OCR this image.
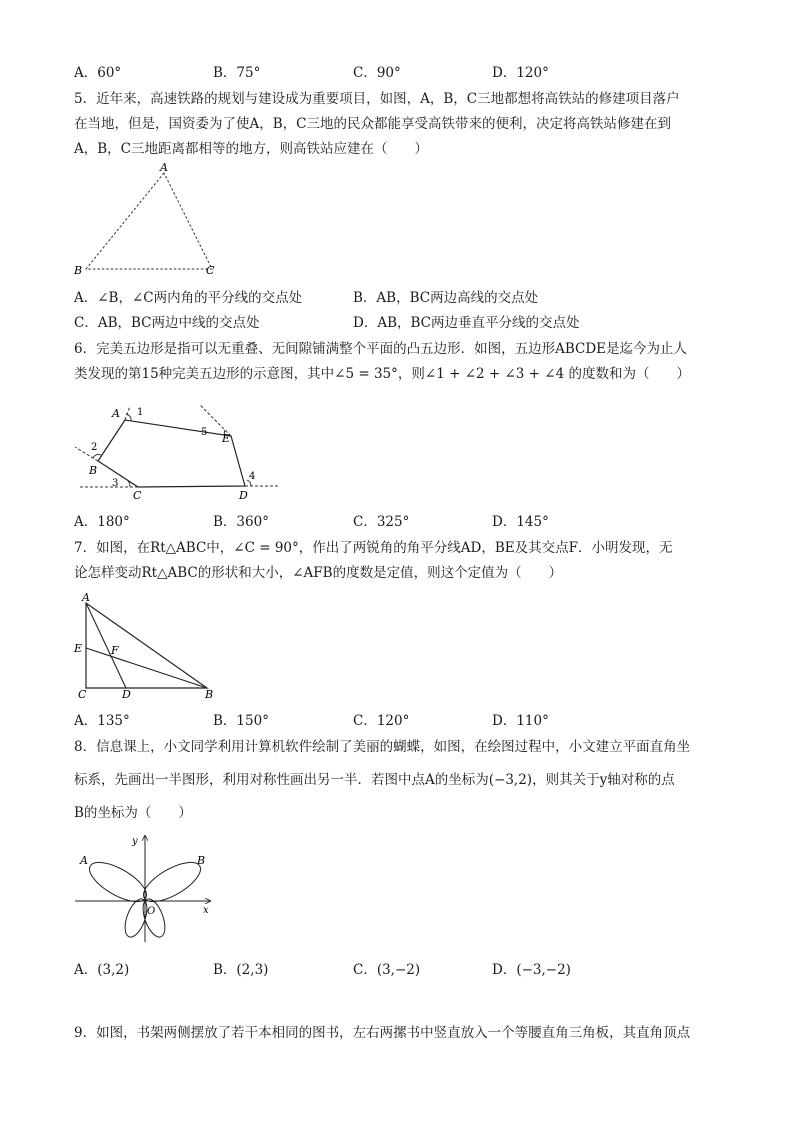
A．60°	B．75°	C．90°	D．120°
5．近年来，高速铁路的规划与建设成为重要项目，如图，A，B，C三地都想将高铁站的修建项目落户
在当地，但是，国资委为了使A，B，C三地的民众都能享受高铁带来的便利，决定将高铁站修建在到
A，B，C三地距离都相等的地方，则高铁站应建在（　　）
A
B	C
A．∠B，∠C两内角的平分线的交点处	B．AB，BC两边高线的交点处
C．AB，BC两边中线的交点处	D．AB，BC两边垂直平分线的交点处
6．完美五边形是指可以无重叠、无间隙铺满整个平面的凸五边形．如图，五边形ABCDE是迄今为止人
类发现的第15种完美五边形的示意图，其中∠5 = 35°，则∠1 + ∠2 + ∠3 + ∠4 的度数和为（　　）
A
B
C	D
E
1
2
3
4
5
A．180°	B．360°	C．325°	D．145°
7．如图，在Rt△ABC中，∠C = 90°，作出了两锐角的角平分线AD，BE及其交点F．小明发现，无
论怎样变动Rt△ABC的形状和大小，∠AFB的度数是定值，则这个定值为（　　）
A
E	F
C	D	B
A．135°	B．150°	C．120°	D．110°
8．信息课上，小文同学利用计算机软件绘制了美丽的蝴蝶，如图，在绘图过程中，小文建立平面直角坐
标系，先画出一半图形，利用对称性画出另一半．若图中点A的坐标为(−3,2)，则其关于y轴对称的点
B的坐标为（　　）
A	B
O	x
y
A．(3,2)	B．(2,3)	C．(3,−2)	D．(−3,−2)
9．如图，书架两侧摆放了若干本相同的图书，左右两摞书中竖直放入一个等腰直角三角板，其直角顶点
